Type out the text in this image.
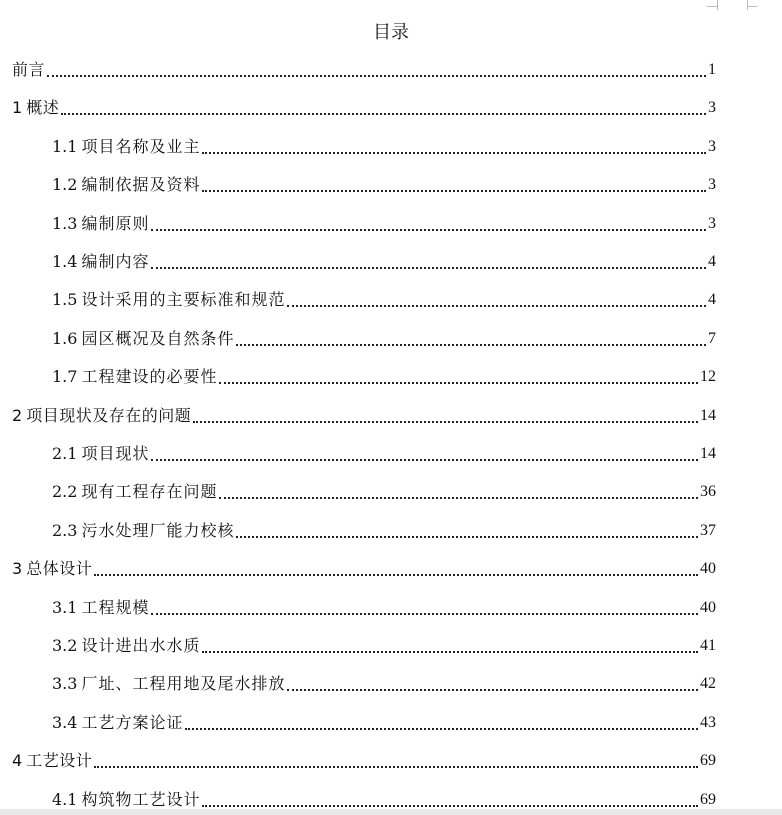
目录
前言	1
1 概述	3
1.1 项目名称及业主	3
1.2 编制依据及资料	3
1.3 编制原则	3
1.4 编制内容	4
1.5 设计采用的主要标准和规范	4
1.6 园区概况及自然条件	7
1.7 工程建设的必要性	12
2 项目现状及存在的问题	14
2.1 项目现状	14
2.2 现有工程存在问题	36
2.3 污水处理厂能力校核	37
3 总体设计	40
3.1 工程规模	40
3.2 设计进出水水质	41
3.3 厂址、工程用地及尾水排放	42
3.4 工艺方案论证	43
4 工艺设计	69
4.1 构筑物工艺设计	69
